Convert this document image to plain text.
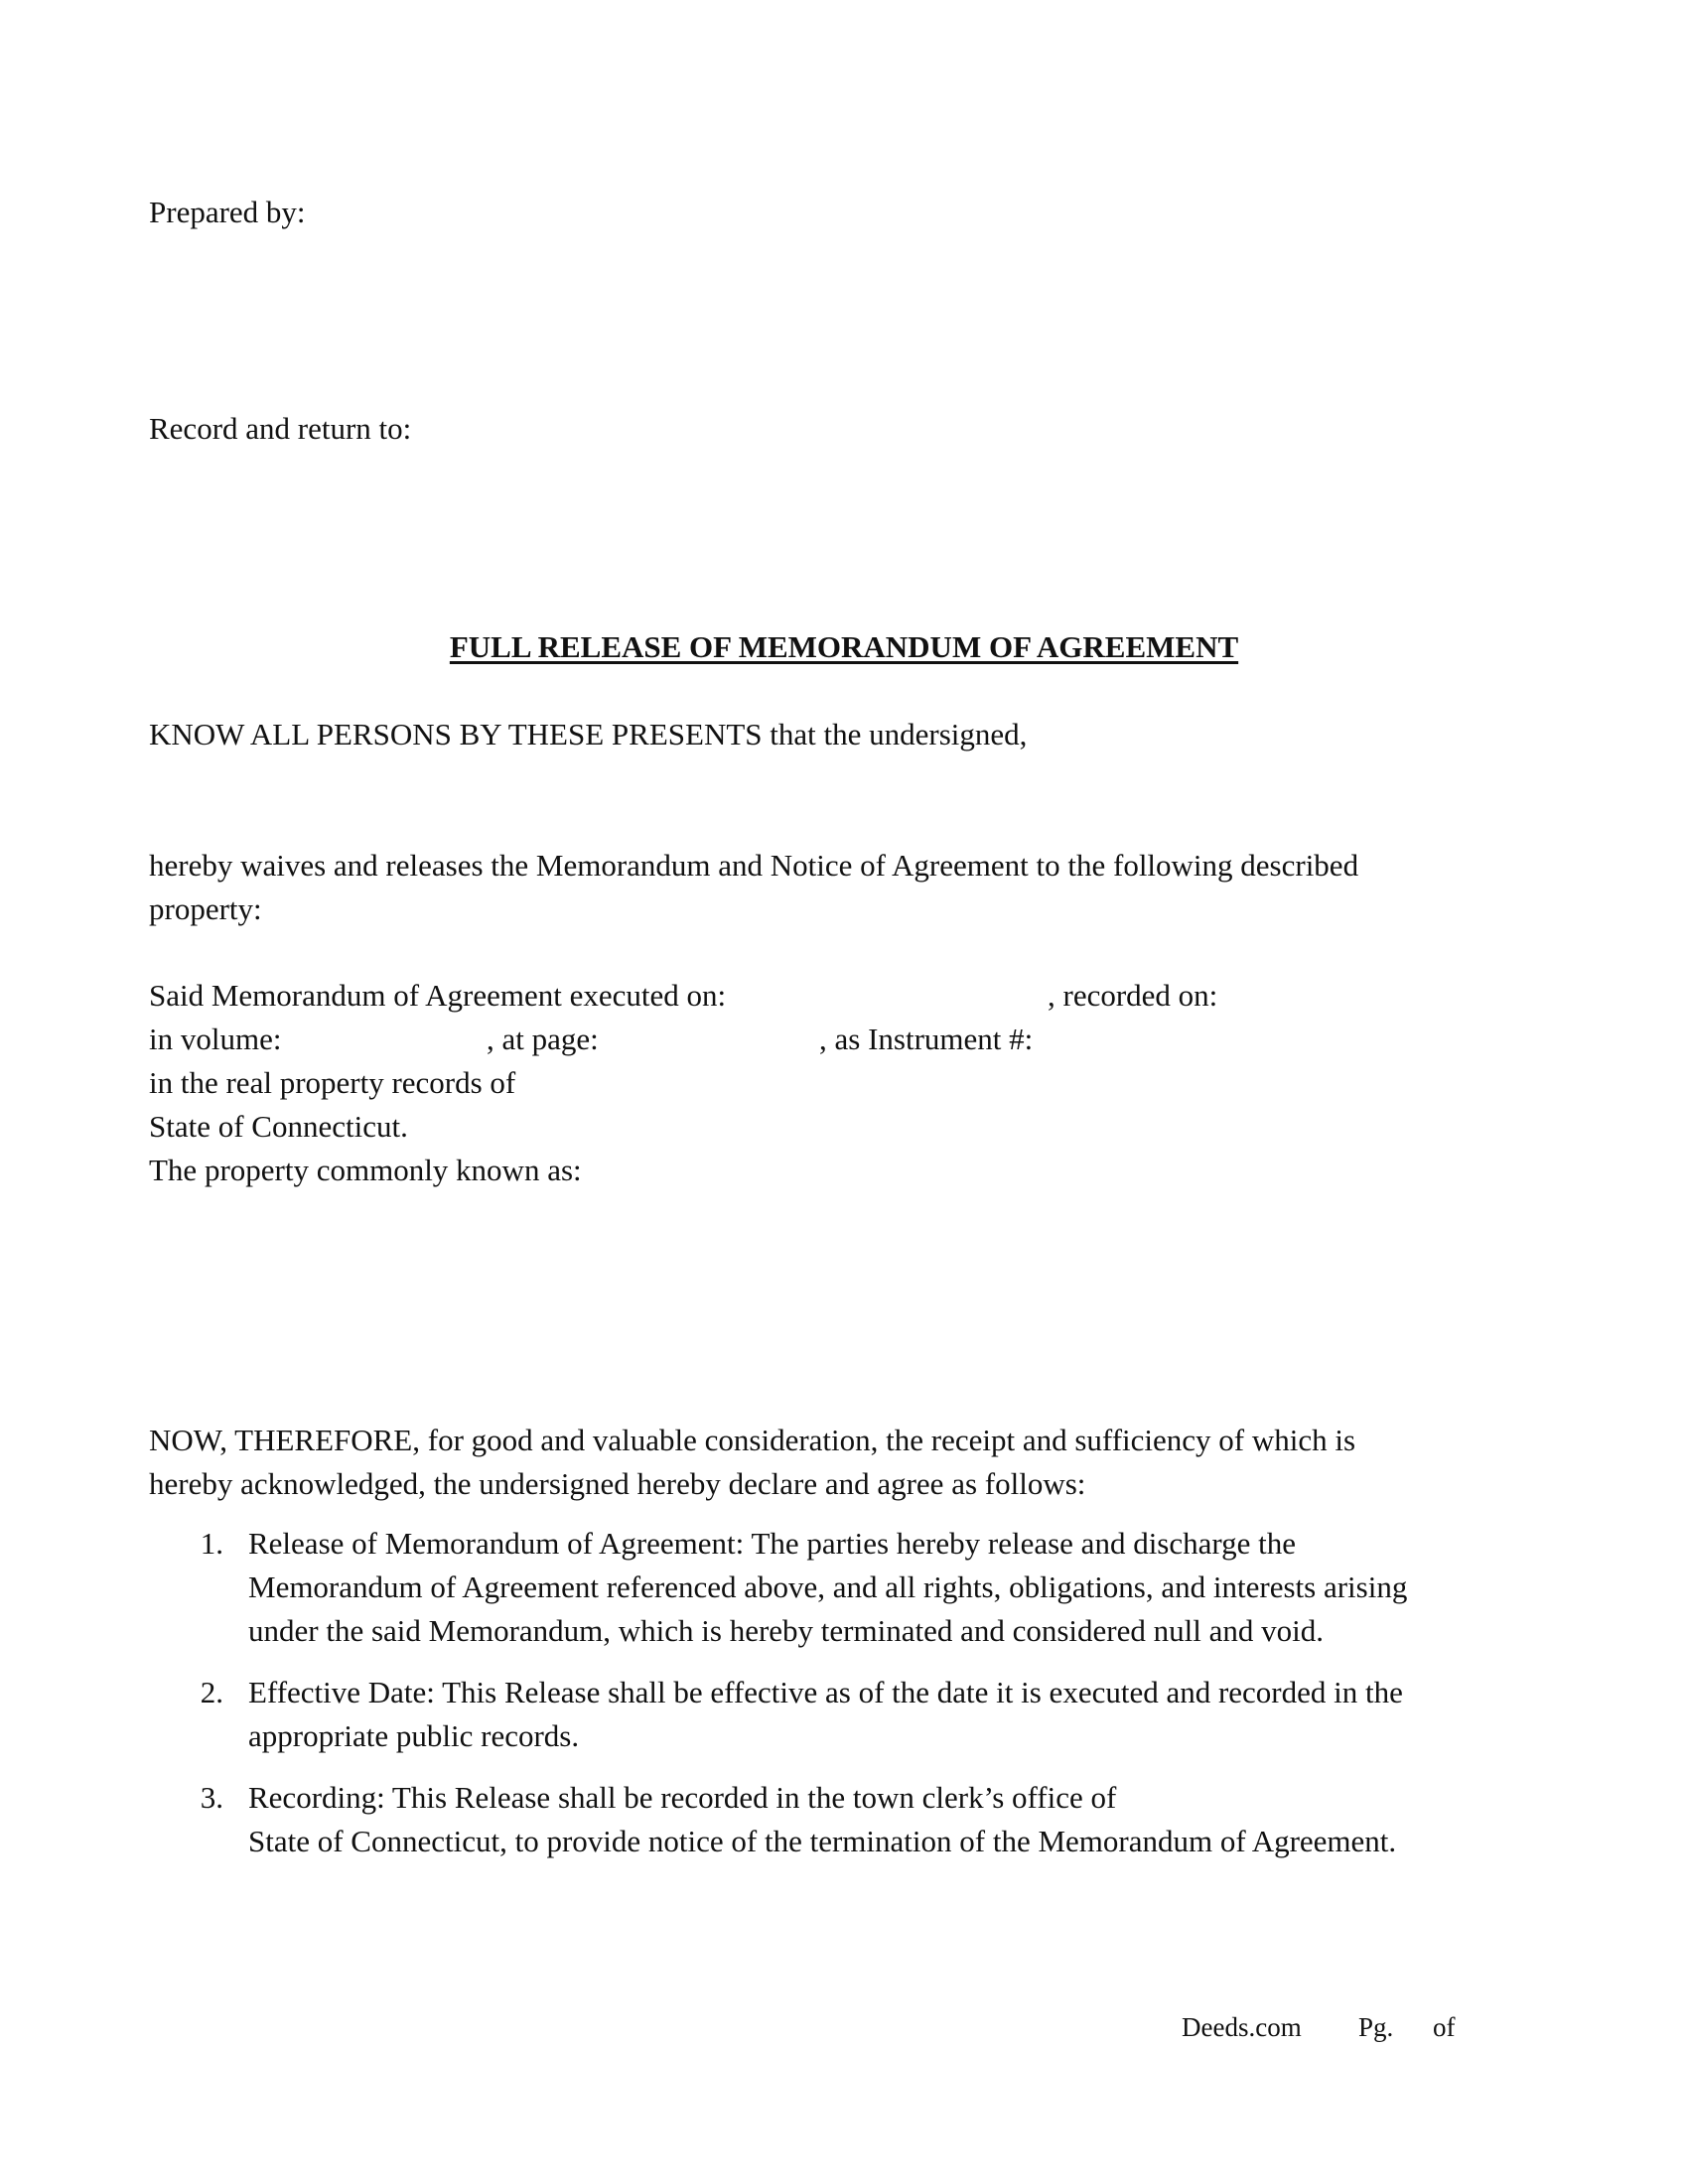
Prepared by:
Record and return to:
FULL RELEASE OF MEMORANDUM OF AGREEMENT
KNOW ALL PERSONS BY THESE PRESENTS that the undersigned,
hereby waives and releases the Memorandum and Notice of Agreement to the following described
property:
Said Memorandum of Agreement executed on:	, recorded on:
in volume:	, at page:	, as Instrument #:
in the real property records of
State of Connecticut.
The property commonly known as:
NOW, THEREFORE, for good and valuable consideration, the receipt and sufficiency of which is
hereby acknowledged, the undersigned hereby declare and agree as follows:
1. Release of Memorandum of Agreement: The parties hereby release and discharge the
Memorandum of Agreement referenced above, and all rights, obligations, and interests arising
under the said Memorandum, which is hereby terminated and considered null and void.
2. Effective Date: This Release shall be effective as of the date it is executed and recorded in the
appropriate public records.
3. Recording: This Release shall be recorded in the town clerk’s office of
State of Connecticut, to provide notice of the termination of the Memorandum of Agreement.
Deeds.com Pg. of
